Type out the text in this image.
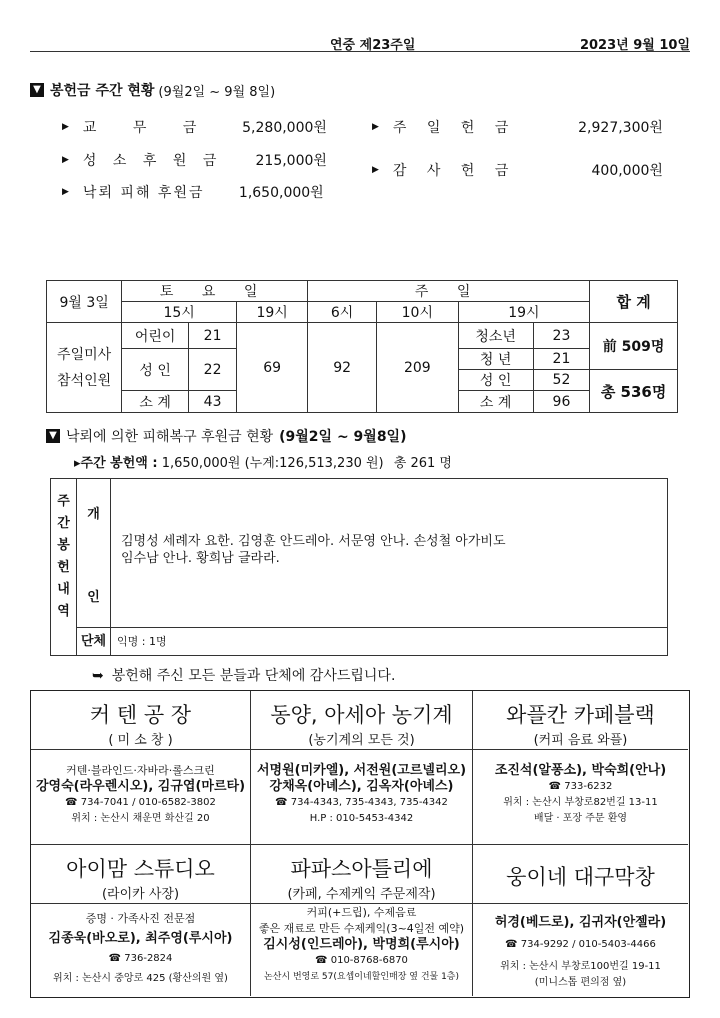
연중 제23주일	2023년 9월 10일
▼ 봉헌금 주간 현황 (9월2일 ~ 9월 8일)
▶ 교 무 금	5,280,000원
▶ 성 소 후 원 금	215,000원
▶ 낙뢰 피해 후원금	1,650,000원
▶ 주 일 헌 금	2,927,300원
▶ 감 사 헌 금	400,000원
9월 3일	토 요 일			주 일				합 계
	15시		19시	6시	10시	19시		
주일미사 참석인원	어린이	21	69	92	209	청소년	23	前 509명
	성 인	22				청 년	21	
						성 인	52	총 536명
	소 계	43				소 계	96	
▼ 낙뢰에 의한 피해복구 후원금 현황 (9월2일 ~ 9월8일)
▸주간 봉헌액 : 1,650,000원 (누계:126,513,230 원) 총 261 명
주
간
봉
헌
내
역
개
인
김명성 세례자 요한. 김영훈 안드레아. 서문영 안나. 손성철 아가비도
임수남 안나. 황희남 글라라.
단체 익명 : 1명
➥ 봉헌해 주신 모든 분들과 단체에 감사드립니다.
커 텐 공 장
( 미 소 창 )
커텐·블라인드·자바라·롤스크린
강영숙(라우렌시오), 김규엽(마르타)
☎ 734-7041 / 010-6582-3802
위치 : 논산시 채운면 화산길 20
동양, 아세아 농기계
(농기계의 모든 것)
서명원(미카엘), 서전원(고르넬리오)
강채옥(아녜스), 김옥자(아녜스)
☎ 734-4343, 735-4343, 735-4342
H.P : 010-5453-4342
와플칸 카페블랙
(커피 음료 와플)
조진석(알퐁소), 박숙희(안나)
☎ 733-6232
위치 : 논산시 부창로82번길 13-11
배달 · 포장 주문 환영
아이맘 스튜디오
(라이카 사장)
증명 · 가족사진 전문점
김종욱(바오로), 최주영(루시아)
☎ 736-2824
위치 : 논산시 중앙로 425 (황산의원 옆)
파파스아틀리에
(카페, 수제케익 주문제작)
커피(+드립), 수제음료
좋은 재료로 만든 수제케익(3~4일전 예약)
김시성(인드레아), 박명희(루시아)
☎ 010-8768-6870
논산시 번영로 57(요셉이네할인매장 옆 건물 1층)
웅이네 대구막창
허경(베드로), 김귀자(안젤라)
☎ 734-9292 / 010-5403-4466
위치 : 논산시 부창로100번길 19-11
(미니스톱 편의점 옆)
